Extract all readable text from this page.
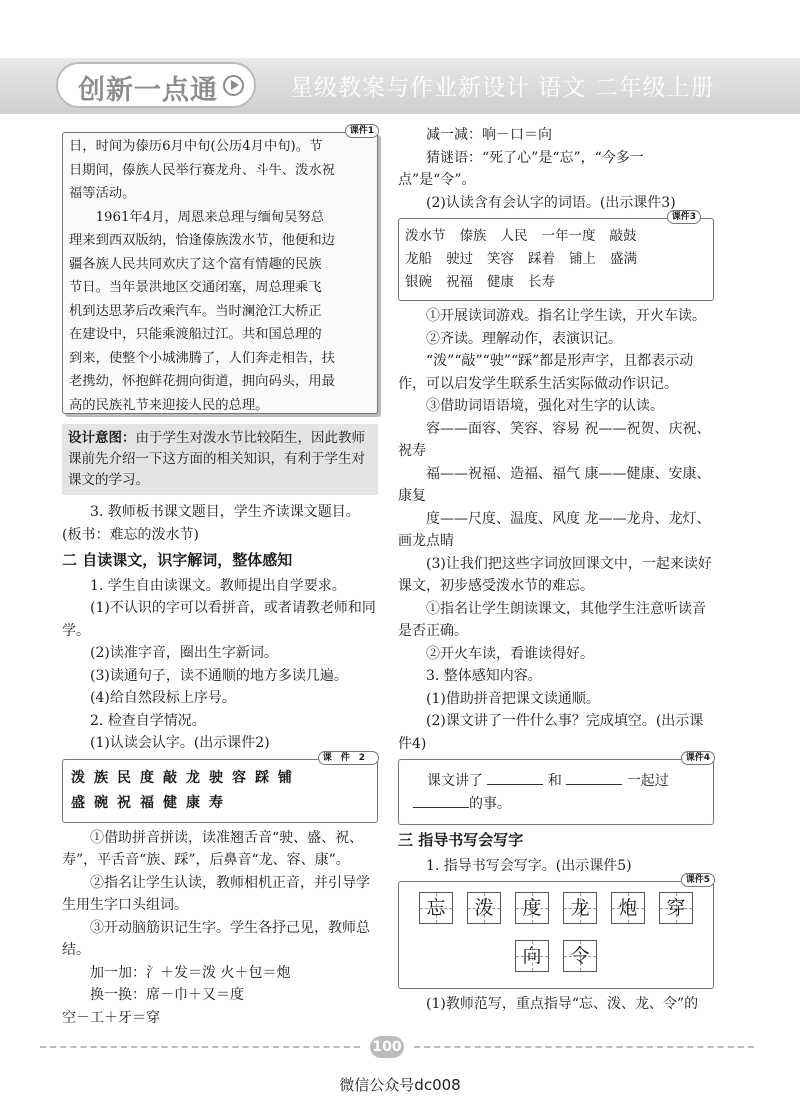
创新一点通	星级教案与作业新设计 语文 二年级上册
课件1

日，时间为傣历6月中旬(公历4月中旬)。节

日期间，傣族人民举行赛龙舟、斗牛、泼水祝

福等活动。

1961年4月，周恩来总理与缅甸吴努总

理来到西双版纳，恰逢傣族泼水节，他便和边

疆各族人民共同欢庆了这个富有情趣的民族

节日。当年景洪地区交通闭塞，周总理乘飞

机到达思茅后改乘汽车。当时澜沧江大桥正

在建设中，只能乘渡船过江。共和国总理的

到来，使整个小城沸腾了，人们奔走相告，扶

老携幼，怀抱鲜花拥向街道，拥向码头，用最

高的民族礼节来迎接人民的总理。

设计意图：由于学生对泼水节比较陌生，因此教师课前先介绍一下这方面的相关知识，有利于学生对课文的学习。

3. 教师板书课文题目，学生齐读课文题目。(板书：难忘的泼水节)

二 自读课文，识字解词，整体感知

1. 学生自由读课文。教师提出自学要求。

(1)不认识的字可以看拼音，或者请教老师和同学。

(2)读准字音，圈出生字新词。

(3)读通句子，读不通顺的地方多读几遍。

(4)给自然段标上序号。

2. 检查自学情况。

(1)认读会认字。(出示课件2)

课件2
泼族民度敲龙驶容踩铺
盛碗祝福健康寿

①借助拼音拼读，读准翘舌音“驶、盛、祝、寿”，平舌音“族、踩”，后鼻音“龙、容、康”。

②指名让学生认读，教师相机正音，并引导学生用生字口头组词。

③开动脑筋识记生字。学生各抒己见，教师总结。

加一加：氵＋发＝泼 火＋包＝炮

换一换：席－巾＋又＝度

空－工＋牙＝穿

减一减：响－口＝向

猜谜语：“死了心”是“忘”，“今多一点”是“令”。

(2)认读含有会认字的词语。(出示课件3)

课件3
泼水节 傣族 人民 一年一度 敲鼓
龙船 驶过 笑容 踩着 铺上 盛满
银碗 祝福 健康 长寿

①开展读词游戏。指名让学生读，开火车读。

②齐读。理解动作，表演识记。

“泼”“敲”“驶”“踩”都是形声字，且都表示动作，可以启发学生联系生活实际做动作识记。

③借助词语语境，强化对生字的认读。

容——面容、笑容、容易 祝——祝贺、庆祝、祝寿

福——祝福、造福、福气 康——健康、安康、康复

度——尺度、温度、风度 龙——龙舟、龙灯、画龙点睛

(3)让我们把这些字词放回课文中，一起来读好课文，初步感受泼水节的难忘。

①指名让学生朗读课文，其他学生注意听读音是否正确。

②开火车读，看谁读得好。

3. 整体感知内容。

(1)借助拼音把课文读通顺。

(2)课文讲了一件什么事？完成填空。(出示课件4)

课件4
 课文讲了	和	一起过
的事。

三 指导书写会写字

1. 指导书写会写字。(出示课件5)

课件5
忘	泼	度	龙	炮	穿
向	令

(1)教师范写，重点指导“忘、泼、龙、令”的

100
微信公众号dc008
